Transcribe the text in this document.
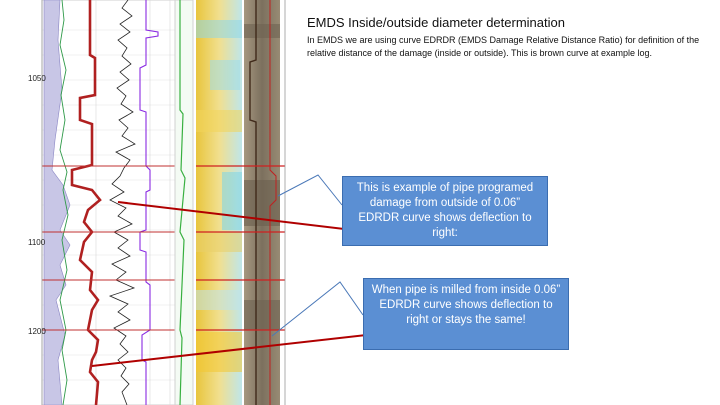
1050
1100
1200
EMDS Inside/outside diameter determination
In EMDS we are using curve EDRDR (EMDS Damage Relative Distance Ratio) for definition of the relative distance of the damage (inside or outside). This is brown curve at example log.
This is example of pipe programed damage from outside of 0.06” EDRDR curve shows deflection to right:
When pipe is milled from inside 0.06” EDRDR curve shows deflection to right or stays the same!
